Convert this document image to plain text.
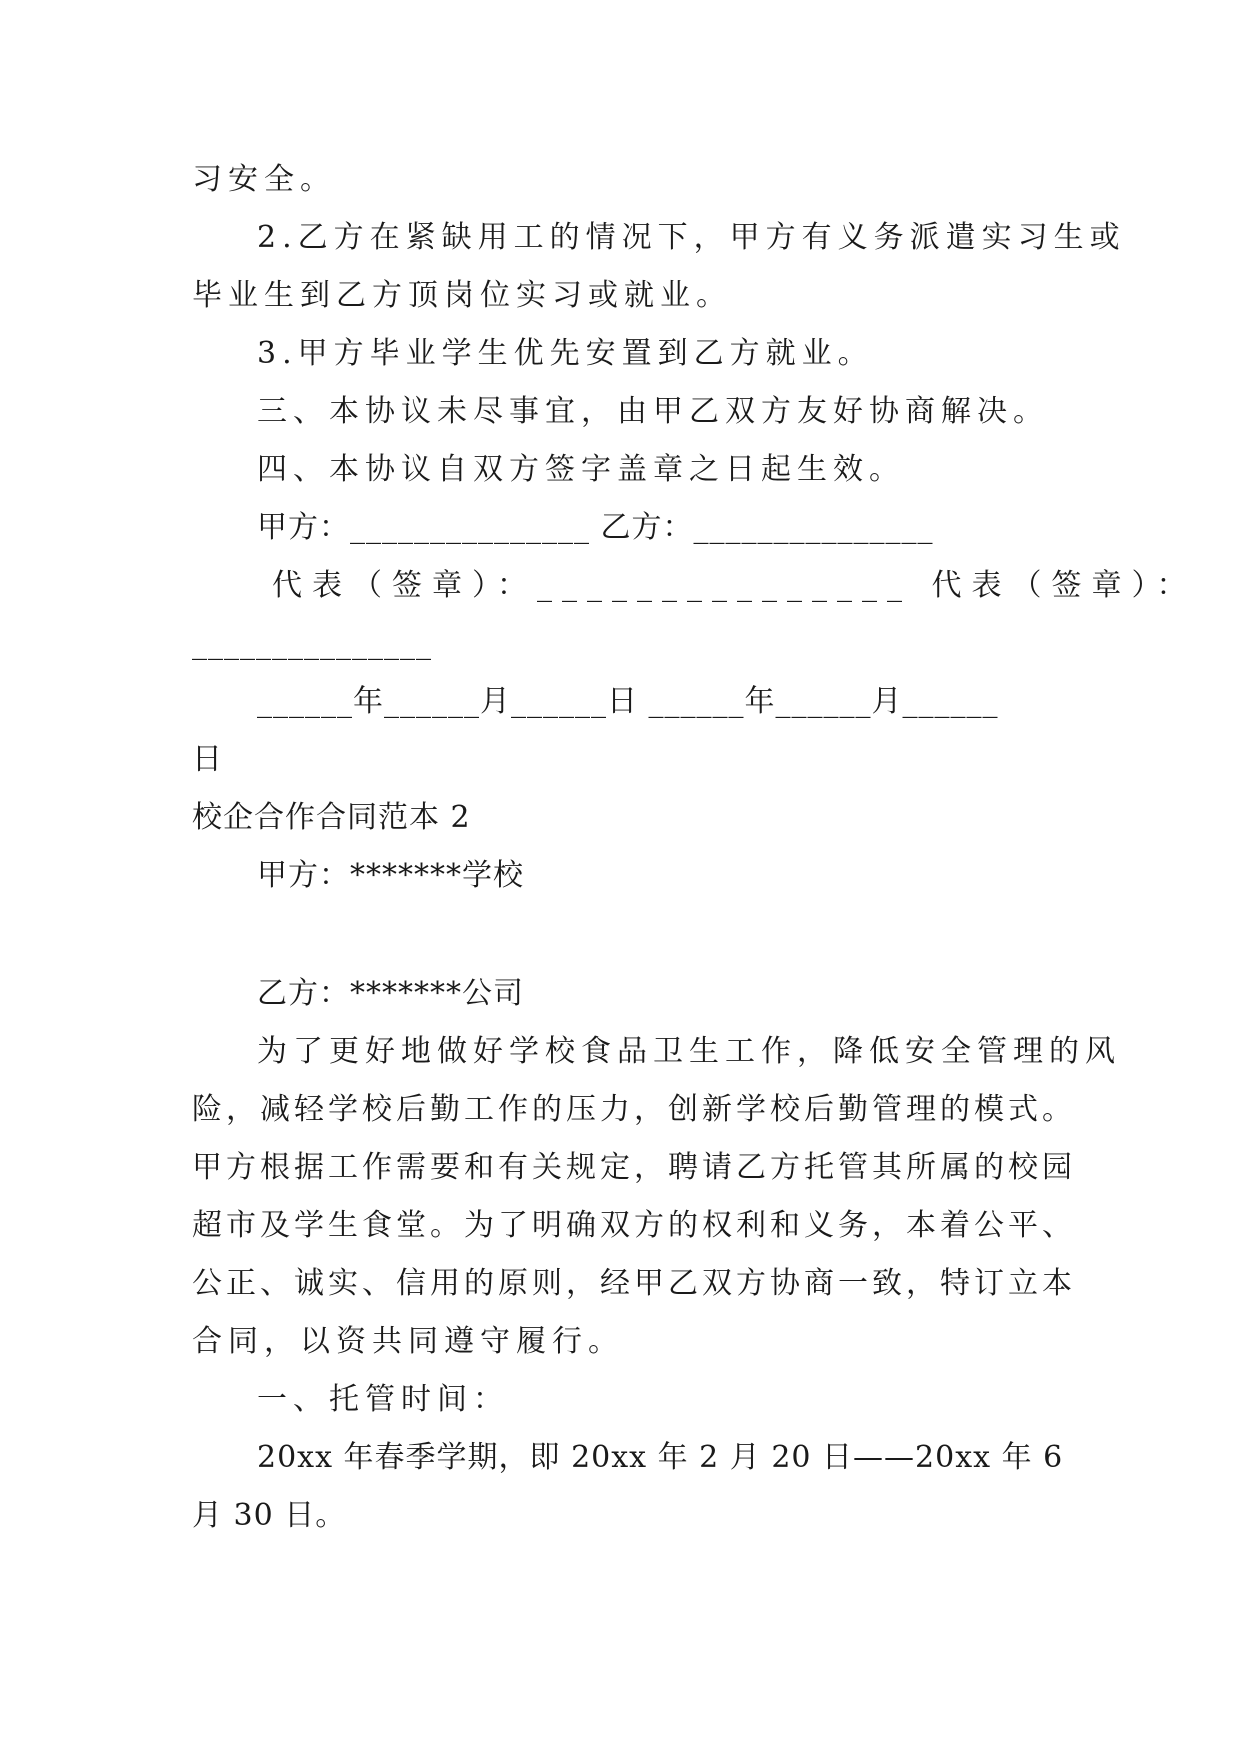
习安全。
2.乙方在紧缺用工的情况下，甲方有义务派遣实习生或
毕业生到乙方顶岗位实习或就业。
3.甲方毕业学生优先安置到乙方就业。
三、本协议未尽事宜，由甲乙双方友好协商解决。
四、本协议自双方签字盖章之日起生效。
甲方：_______________ 乙方：_______________
代表（签章）：_______________ 代表（签章）：
_______________
______年______月______日 ______年______月______
日
校企合作合同范本 2
甲方：*******学校
乙方：*******公司
为了更好地做好学校食品卫生工作，降低安全管理的风
险，减轻学校后勤工作的压力，创新学校后勤管理的模式。
甲方根据工作需要和有关规定，聘请乙方托管其所属的校园
超市及学生食堂。为了明确双方的权利和义务，本着公平、
公正、诚实、信用的原则，经甲乙双方协商一致，特订立本
合同，以资共同遵守履行。
一、托管时间：
20xx 年春季学期，即 20xx 年 2 月 20 日——20xx 年 6
月 30 日。
